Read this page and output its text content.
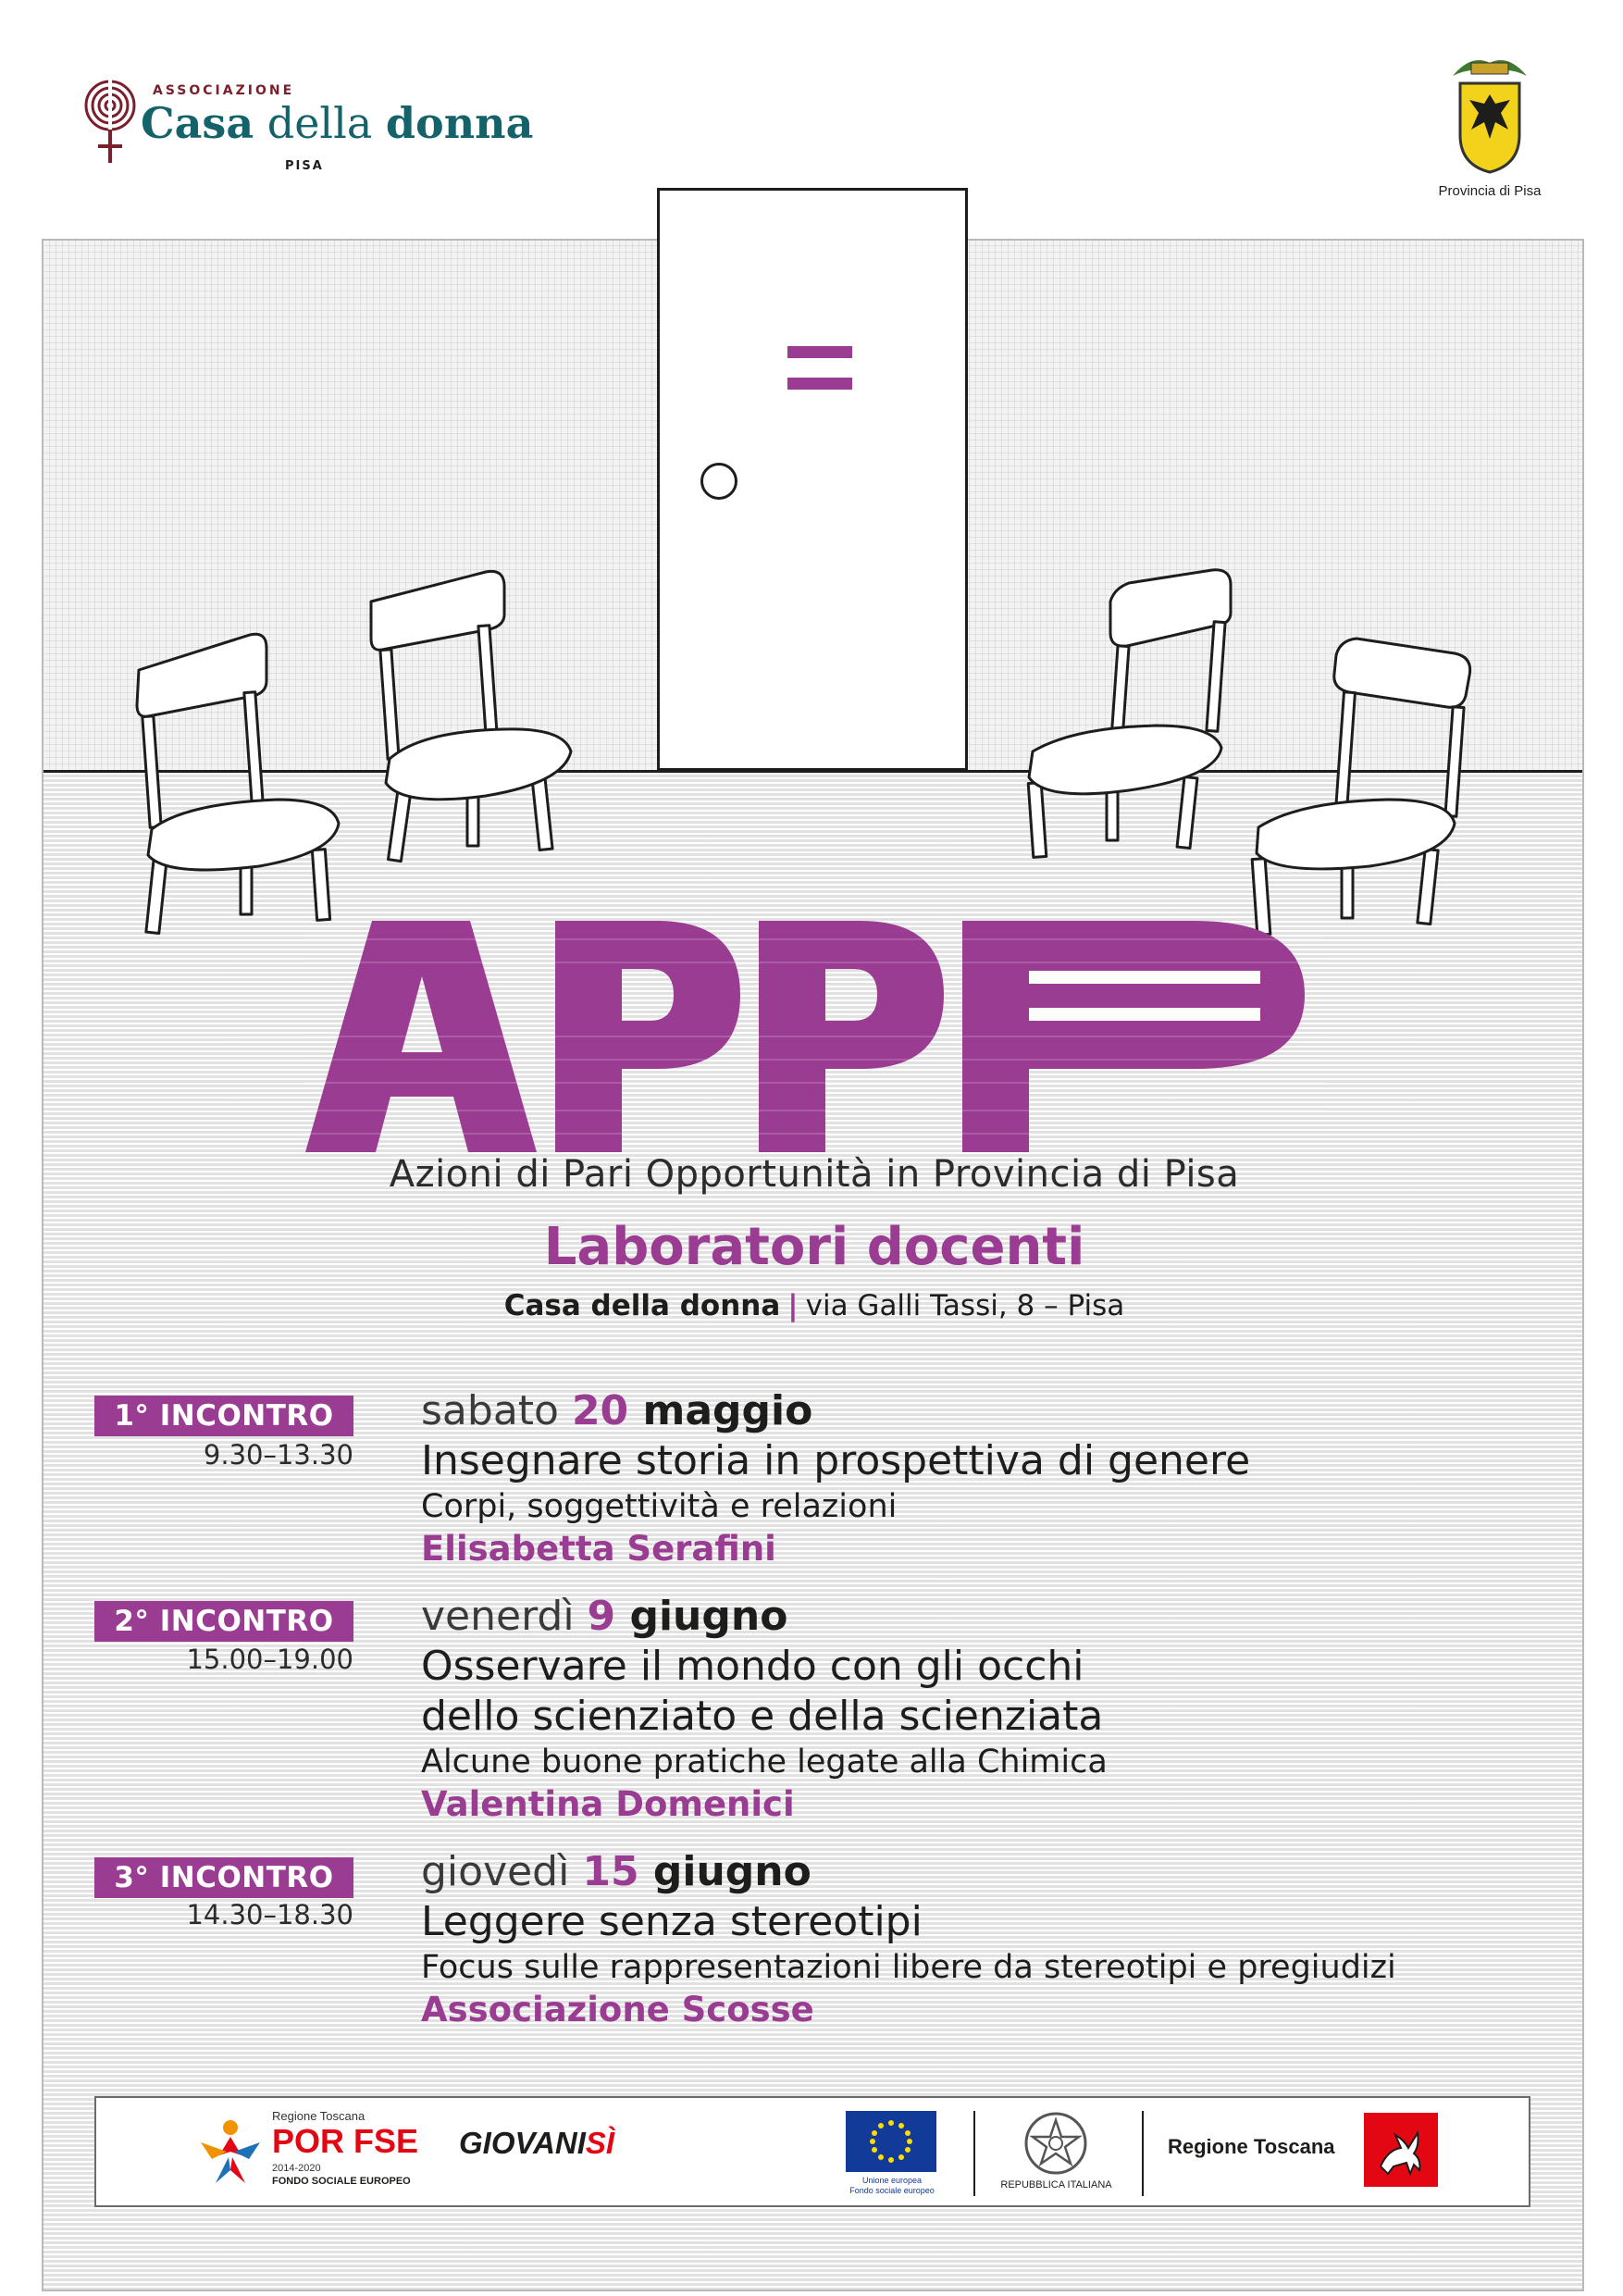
ASSOCIAZIONE
Casa della donna
PISA
Provincia di Pisa
Azioni di Pari Opportunità in Provincia di Pisa
Laboratori docenti
Casa della donna | via Galli Tassi, 8 – Pisa
1° INCONTRO
9.30–13.30
sabato 20 maggio
Insegnare storia in prospettiva di genere
Corpi, soggettività e relazioni
Elisabetta Serafini
2° INCONTRO
15.00–19.00
venerdì 9 giugno
Osservare il mondo con gli occhi
dello scienziato e della scienziata
Alcune buone pratiche legate alla Chimica
Valentina Domenici
3° INCONTRO
14.30–18.30
giovedì 15 giugno
Leggere senza stereotipi
Focus sulle rappresentazioni libere da stereotipi e pregiudizi
Associazione Scosse
Regione Toscana
POR FSE
2014-2020
FONDO SOCIALE EUROPEO
GIOVANISÌ
Unione europea
Fondo sociale europeo	REPUBBLICA ITALIANA
Regione Toscana
